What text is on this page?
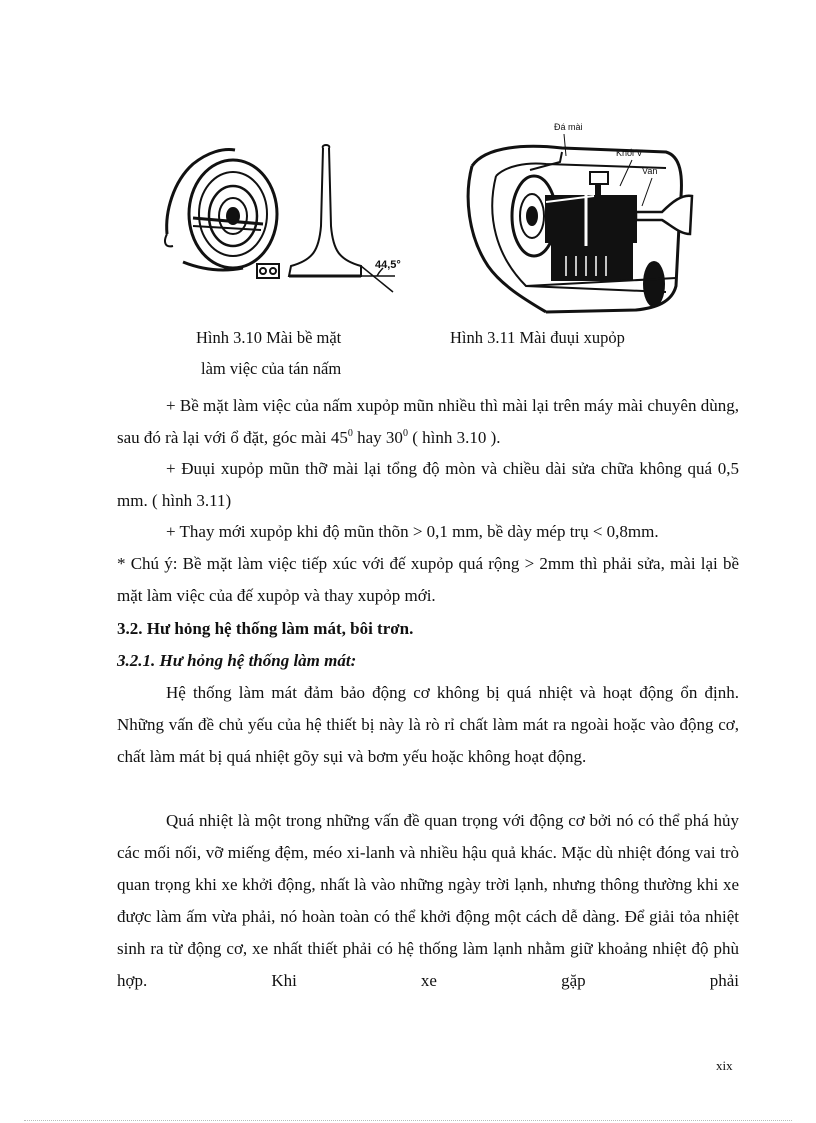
44,5°
Đá mài
Khối V
Van
Hình 3.10 Mài bề mặt
làm việc của tán nấm
Hình 3.11 Mài đuụi xupỏp
+ Bề mặt làm việc của nấm xupỏp mũn nhiều thì mài lại trên máy mài chuyên dùng, sau đó rà lại với ổ đặt, góc mài $45^0$ hay $30^0$ ( hình 3.10 ).
+ Đuụi xupỏp mũn thỡ mài lại tổng độ mòn và chiều dài sửa chữa không quá 0,5 mm. ( hình 3.11)
+ Thay mới xupỏp khi độ mũn thõn > 0,1 mm, bề dày mép trụ < 0,8mm.
* Chú ý: Bề mặt làm việc tiếp xúc với đế xupỏp quá rộng > 2mm thì phải sửa, mài lại bề mặt làm việc của đế xupỏp và thay xupỏp mới.
3.2. Hư hỏng hệ thống làm mát, bôi trơn.
3.2.1. Hư hỏng hệ thống làm mát:
Hệ thống làm mát đảm bảo động cơ không bị quá nhiệt và hoạt động ổn định. Những vấn đề chủ yếu của hệ thiết bị này là rò rỉ chất làm mát ra ngoài hoặc vào động cơ, chất làm mát bị quá nhiệt gõy sụi và bơm yếu hoặc không hoạt động.
Quá nhiệt là một trong những vấn đề quan trọng với động cơ bởi nó có thể phá hủy các mối nối, vỡ miếng đệm, méo xi-lanh và nhiều hậu quả khác. Mặc dù nhiệt đóng vai trò quan trọng khi xe khởi động, nhất là vào những ngày trời lạnh, nhưng thông thường khi xe được làm ấm vừa phải, nó hoàn toàn có thể khởi động một cách dễ dàng. Để giải tỏa nhiệt sinh ra từ động cơ, xe nhất thiết phải có hệ thống làm lạnh nhằm giữ khoảng nhiệt độ phù hợp. Khi xe gặp phải
xix
